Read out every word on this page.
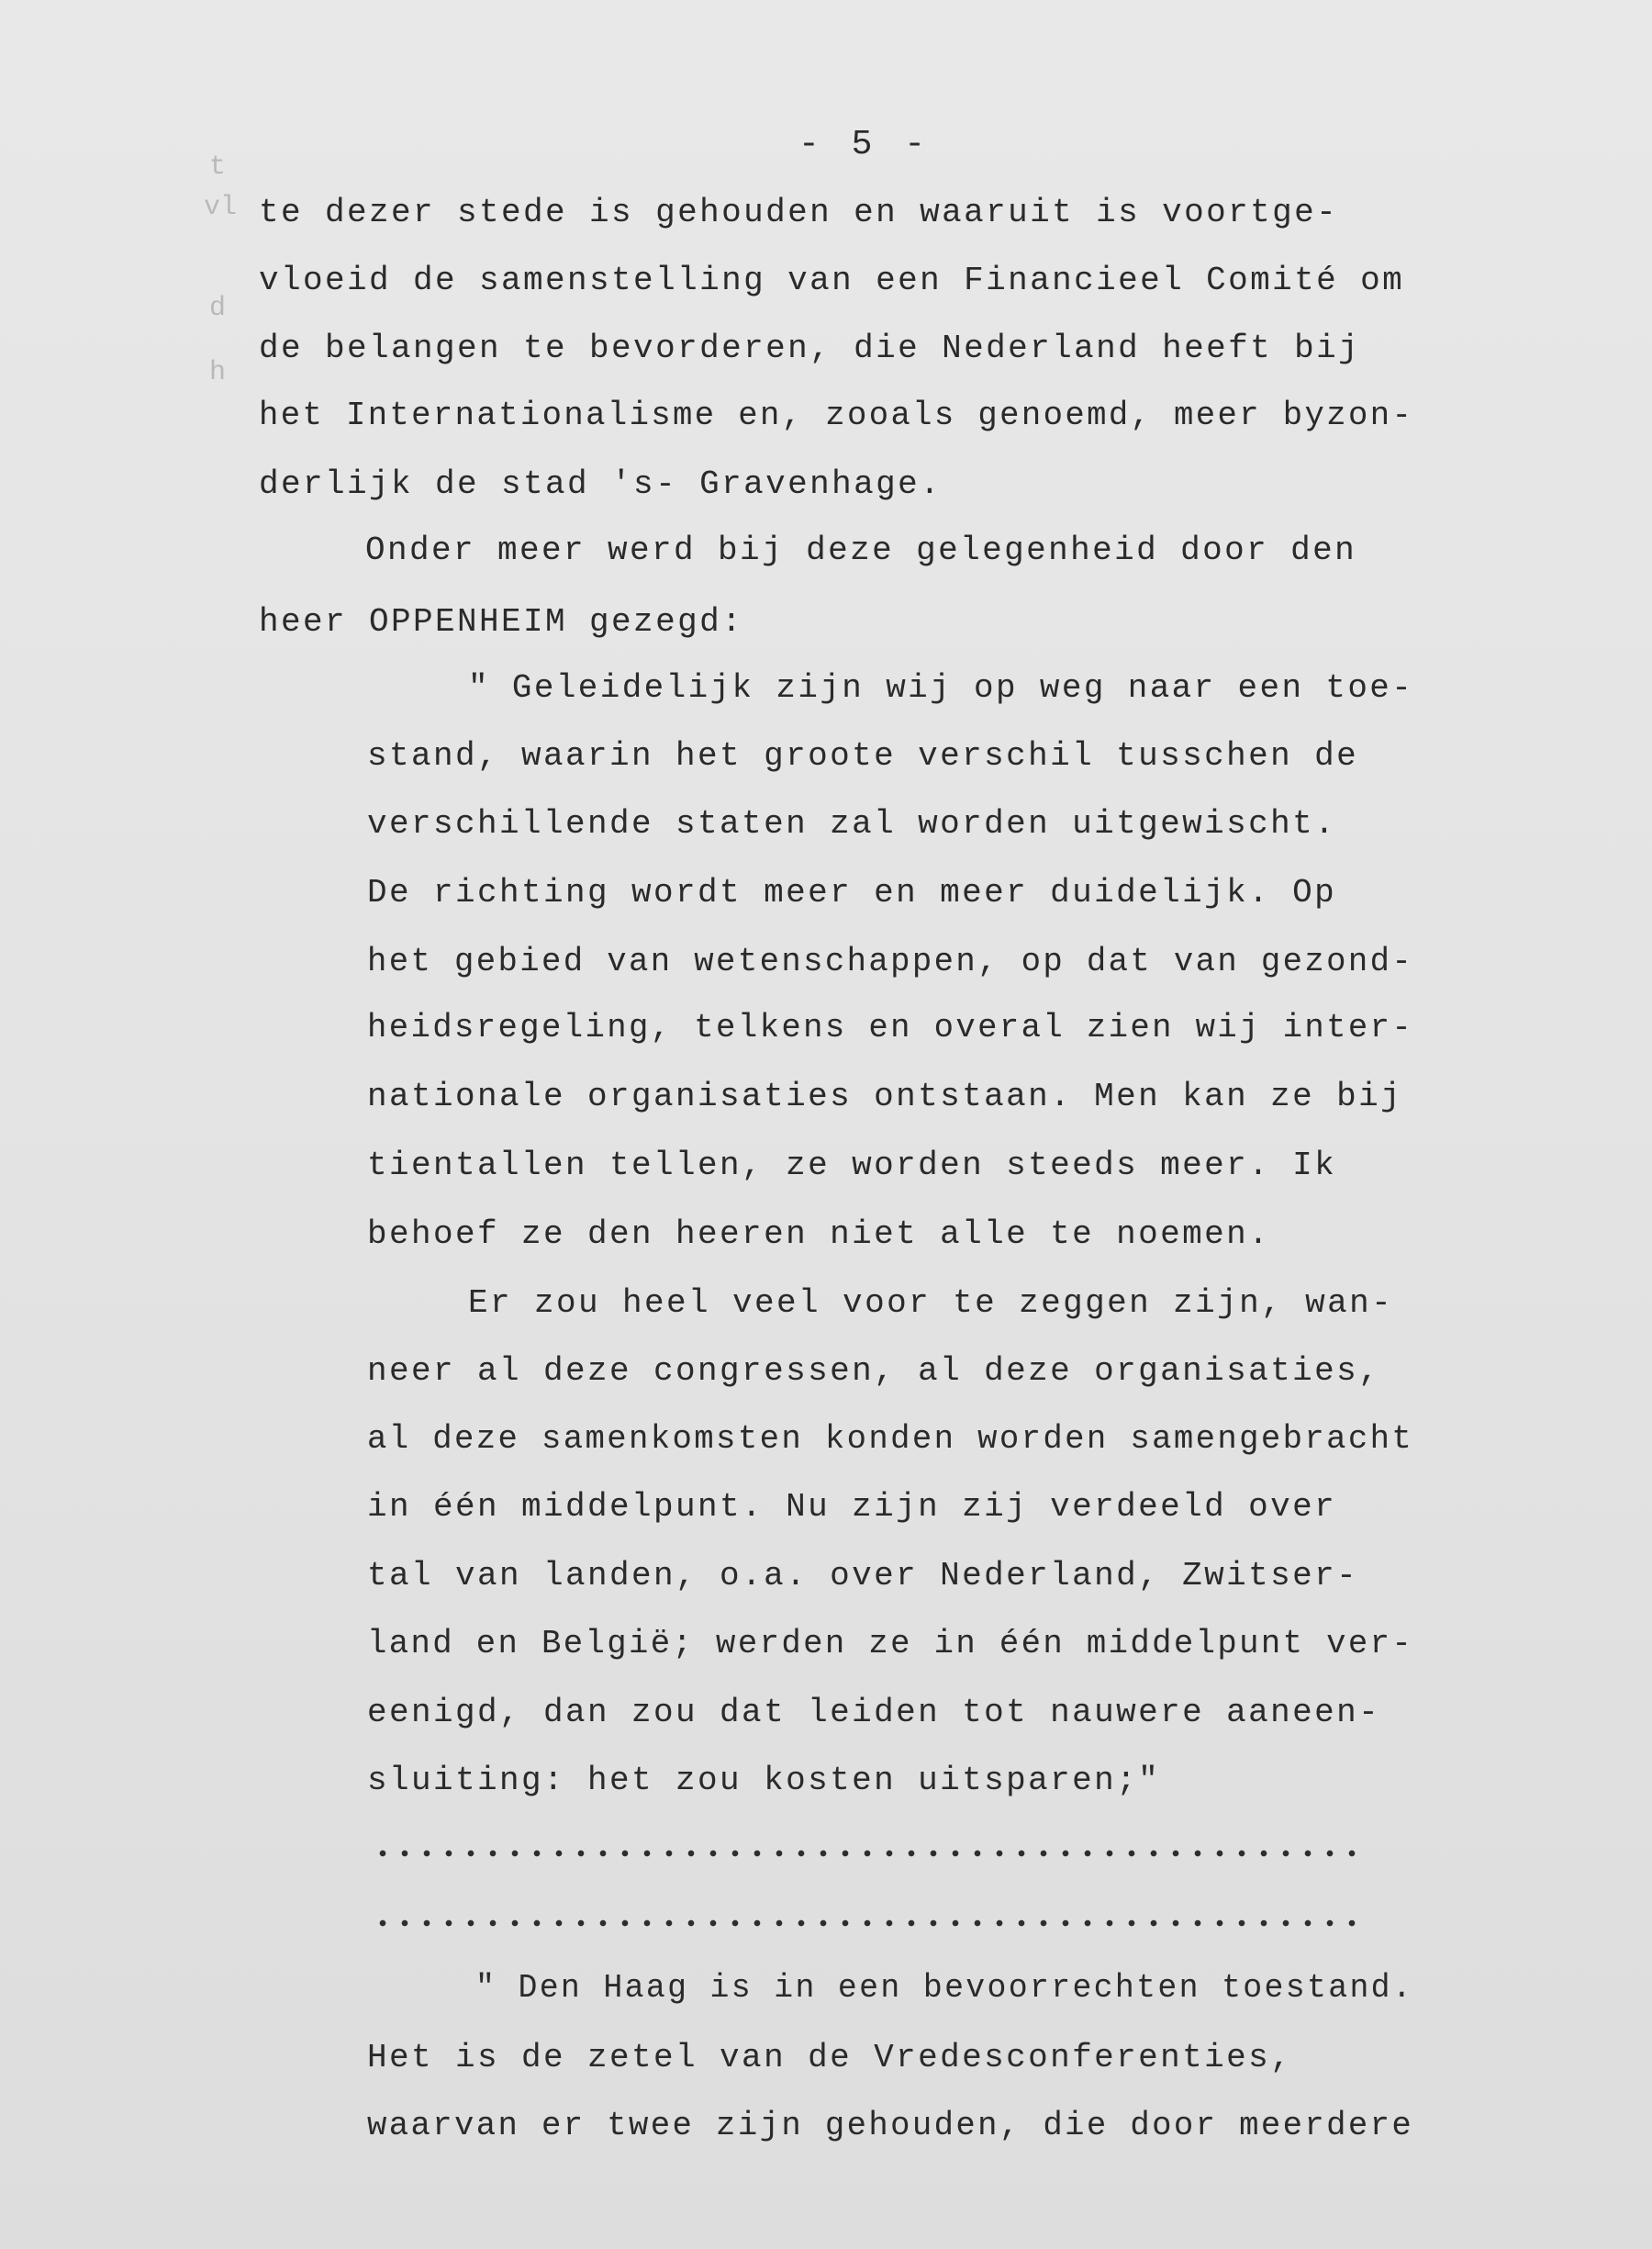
t
vl
d
h
- 5 -
te dezer stede is gehouden en waaruit is voortge-
vloeid de samenstelling van een Financieel Comité om
de belangen te bevorderen, die Nederland heeft bij
het Internationalisme en, zooals genoemd, meer byzon-
derlijk de stad 's- Gravenhage.
Onder meer werd bij deze gelegenheid door den
heer OPPENHEIM gezegd:
" Geleidelijk zijn wij op weg naar een toe-
stand, waarin het groote verschil tusschen de
verschillende staten zal worden uitgewischt.
De richting wordt meer en meer duidelijk. Op
het gebied van wetenschappen, op dat van gezond-
heidsregeling, telkens en overal zien wij inter-
nationale organisaties ontstaan. Men kan ze bij
tientallen tellen, ze worden steeds meer. Ik
behoef ze den heeren niet alle te noemen.
Er zou heel veel voor te zeggen zijn, wan-
neer al deze congressen, al deze organisaties,
al deze samenkomsten konden worden samengebracht
in één middelpunt. Nu zijn zij verdeeld over
tal van landen, o.a. over Nederland, Zwitser-
land en België; werden ze in één middelpunt ver-
eenigd, dan zou dat leiden tot nauwere aaneen-
sluiting: het zou kosten uitsparen;"
" Den Haag is in een bevoorrechten toestand.
Het is de zetel van de Vredesconferenties,
waarvan er twee zijn gehouden, die door meerdere
